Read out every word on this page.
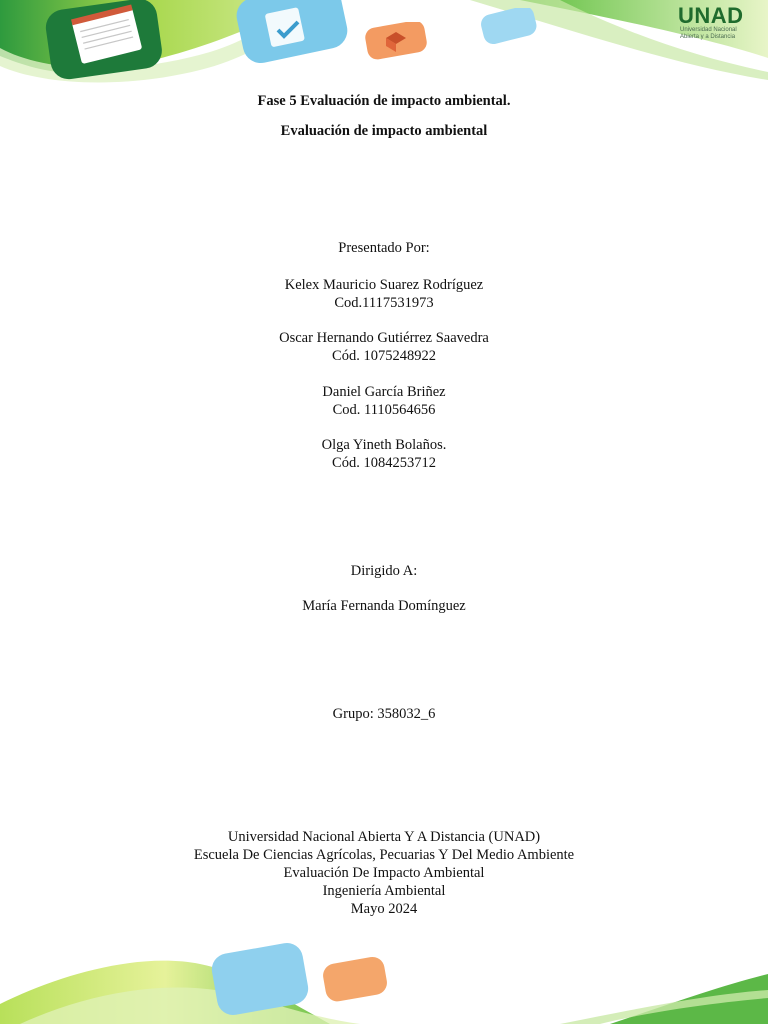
UNAD
Universidad Nacional
Abierta y a Distancia
Fase 5 Evaluación de impacto ambiental.
Evaluación de impacto ambiental
Presentado Por:
Kelex Mauricio Suarez Rodríguez
Cod.1117531973
Oscar Hernando Gutiérrez Saavedra
Cód. 1075248922
Daniel García Briñez
Cod. 1110564656
Olga Yineth Bolaños.
Cód. 1084253712
Dirigido A:
María Fernanda Domínguez
Grupo: 358032_6
Universidad Nacional Abierta Y A Distancia (UNAD)
Escuela De Ciencias Agrícolas, Pecuarias Y Del Medio Ambiente
Evaluación De Impacto Ambiental
Ingeniería Ambiental
Mayo 2024
